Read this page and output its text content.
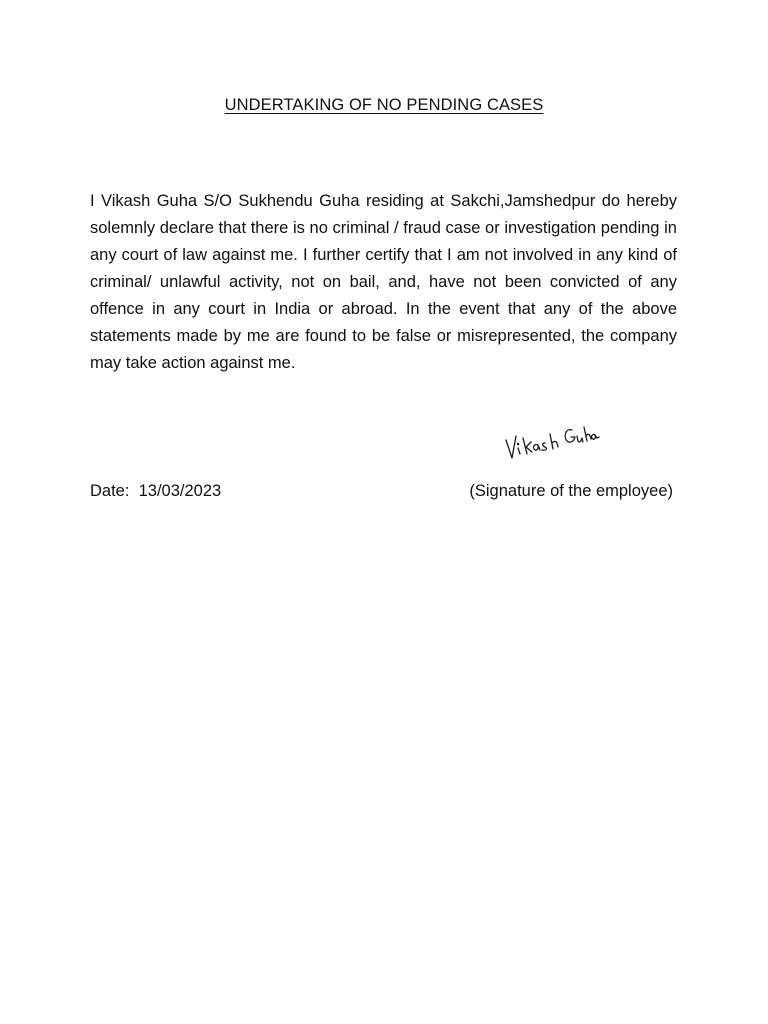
UNDERTAKING OF NO PENDING CASES

I Vikash Guha S/O Sukhendu Guha residing at Sakchi,Jamshedpur do hereby solemnly declare that there is no criminal / fraud case or investigation pending in any court of law against me. I further certify that I am not involved in any kind of criminal/ unlawful activity, not on bail, and, have not been convicted of any offence in any court in India or abroad. In the event that any of the above statements made by me are found to be false or misrepresented, the company may take action against me.

Date: 13/03/2023	(Signature of the employee)
